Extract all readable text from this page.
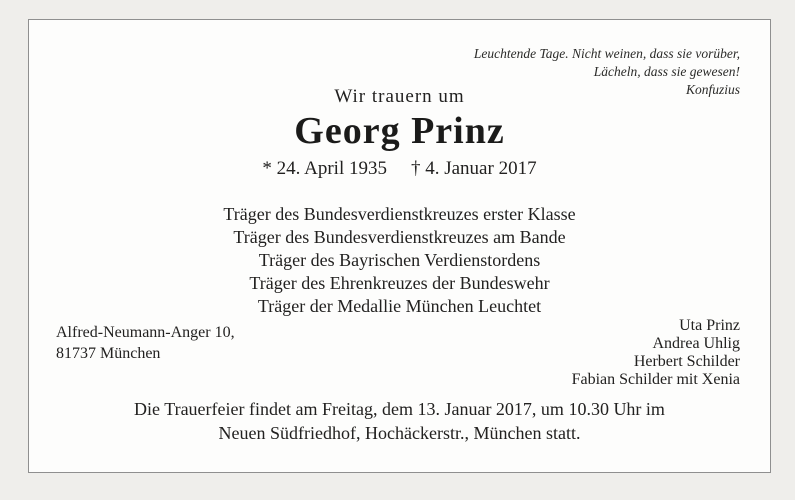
Leuchtende Tage. Nicht weinen, dass sie vorüber,
Lächeln, dass sie gewesen!
Konfuzius
Wir trauern um
Georg Prinz
* 24. April 1935 † 4. Januar 2017
Träger des Bundesverdienstkreuzes erster Klasse
Träger des Bundesverdienstkreuzes am Bande
Träger des Bayrischen Verdienstordens
Träger des Ehrenkreuzes der Bundeswehr
Träger der Medallie München Leuchtet
Alfred-Neumann-Anger 10,
81737 München
Uta Prinz
Andrea Uhlig
Herbert Schilder
Fabian Schilder mit Xenia
Die Trauerfeier findet am Freitag, dem 13. Januar 2017, um 10.30 Uhr im
Neuen Südfriedhof, Hochäckerstr., München statt.
